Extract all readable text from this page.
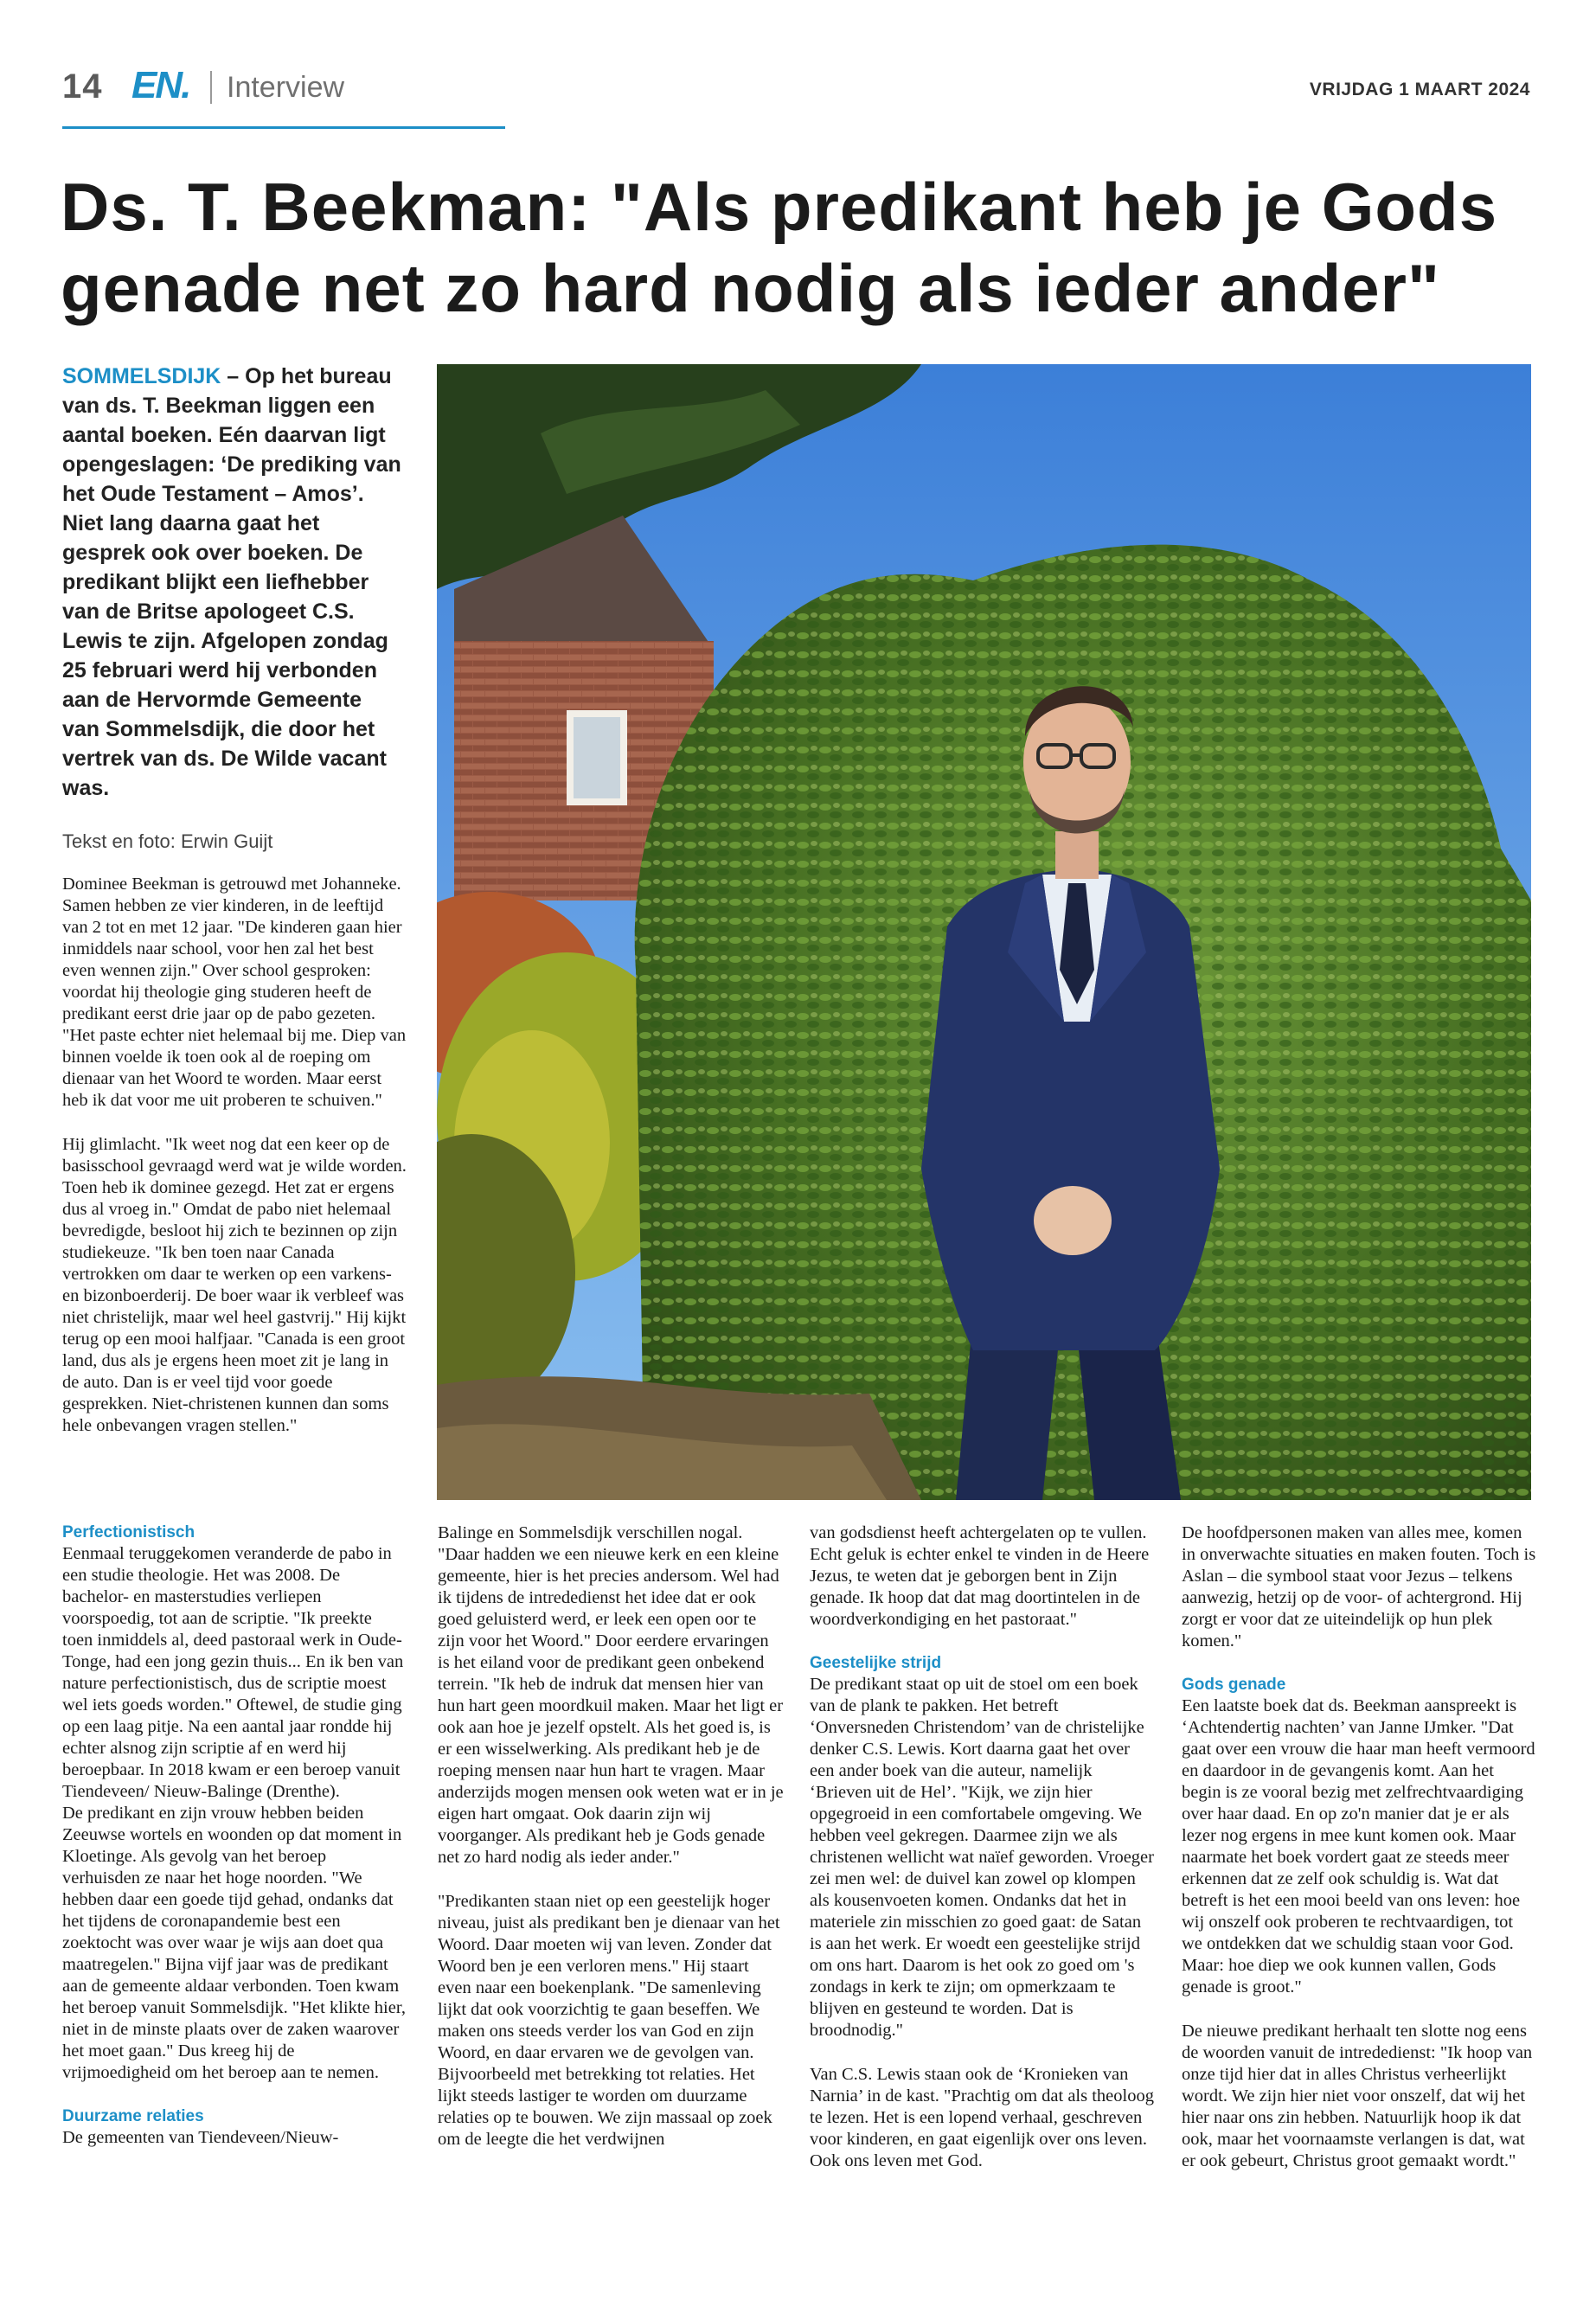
14 EN. Interview	VRIJDAG 1 MAART 2024
Ds. T. Beekman: "Als predikant heb je Gods genade net zo hard nodig als ieder ander"
SOMMELSDIJK – Op het bureau van ds. T. Beekman liggen een aantal boeken. Eén daarvan ligt opengeslagen: ‘De prediking van het Oude Testament – Amos’. Niet lang daarna gaat het gesprek ook over boeken. De predikant blijkt een liefhebber van de Britse apologeet C.S. Lewis te zijn. Afgelopen zondag 25 februari werd hij verbonden aan de Hervormde Gemeente van Sommelsdijk, die door het vertrek van ds. De Wilde vacant was.
Tekst en foto: Erwin Guijt

Dominee Beekman is getrouwd met Johanneke. Samen hebben ze vier kinderen, in de leeftijd van 2 tot en met 12 jaar. "De kinderen gaan hier inmiddels naar school, voor hen zal het best even wennen zijn." Over school gesproken: voordat hij theologie ging studeren heeft de predikant eerst drie jaar op de pabo gezeten. "Het paste echter niet helemaal bij me. Diep van binnen voelde ik toen ook al de roeping om dienaar van het Woord te worden. Maar eerst heb ik dat voor me uit proberen te schuiven."

Hij glimlacht. "Ik weet nog dat een keer op de basisschool gevraagd werd wat je wilde worden. Toen heb ik dominee gezegd. Het zat er ergens dus al vroeg in." Omdat de pabo niet helemaal bevredigde, besloot hij zich te bezinnen op zijn studiekeuze. "Ik ben toen naar Canada vertrokken om daar te werken op een varkens- en bizonboerderij. De boer waar ik verbleef was niet christelijk, maar wel heel gastvrij." Hij kijkt terug op een mooi halfjaar. "Canada is een groot land, dus als je ergens heen moet zit je lang in de auto. Dan is er veel tijd voor goede gesprekken. Niet-christenen kunnen dan soms hele onbevangen vragen stellen."

Perfectionistisch

Eenmaal teruggekomen veranderde de pabo in een studie theologie. Het was 2008. De bachelor- en masterstudies verliepen voorspoedig, tot aan de scriptie. "Ik preekte toen inmiddels al, deed pastoraal werk in Oude-Tonge, had een jong gezin thuis... En ik ben van nature perfectionistisch, dus de scriptie moest wel iets goeds worden." Oftewel, de studie ging op een laag pitje. Na een aantal jaar rondde hij echter alsnog zijn scriptie af en werd hij beroepbaar. In 2018 kwam er een beroep vanuit Tiendeveen/ Nieuw-Balinge (Drenthe).

De predikant en zijn vrouw hebben beiden Zeeuwse wortels en woonden op dat moment in Kloetinge. Als gevolg van het beroep verhuisden ze naar het hoge noorden. "We hebben daar een goede tijd gehad, ondanks dat het tijdens de coronapandemie best een zoektocht was over waar je wijs aan doet qua maatregelen." Bijna vijf jaar was de predikant aan de gemeente aldaar verbonden. Toen kwam het beroep vanuit Sommelsdijk. "Het klikte hier, niet in de minste plaats over de zaken waarover het moet gaan." Dus kreeg hij de vrijmoedigheid om het beroep aan te nemen.

Duurzame relaties

De gemeenten van Tiendeveen/Nieuw-

Balinge en Sommelsdijk verschillen nogal. "Daar hadden we een nieuwe kerk en een kleine gemeente, hier is het precies andersom. Wel had ik tijdens de intrededienst het idee dat er ook goed geluisterd werd, er leek een open oor te zijn voor het Woord." Door eerdere ervaringen is het eiland voor de predikant geen onbekend terrein. "Ik heb de indruk dat mensen hier van hun hart geen moordkuil maken. Maar het ligt er ook aan hoe je jezelf opstelt. Als het goed is, is er een wisselwerking. Als predikant heb je de roeping mensen naar hun hart te vragen. Maar anderzijds mogen mensen ook weten wat er in je eigen hart omgaat. Ook daarin zijn wij voorganger. Als predikant heb je Gods genade net zo hard nodig als ieder ander."

"Predikanten staan niet op een geestelijk hoger niveau, juist als predikant ben je dienaar van het Woord. Daar moeten wij van leven. Zonder dat Woord ben je een verloren mens." Hij staart even naar een boekenplank. "De samenleving lijkt dat ook voorzichtig te gaan beseffen. We maken ons steeds verder los van God en zijn Woord, en daar ervaren we de gevolgen van. Bijvoorbeeld met betrekking tot relaties. Het lijkt steeds lastiger te worden om duurzame relaties op te bouwen. We zijn massaal op zoek om de leegte die het verdwijnen

van godsdienst heeft achtergelaten op te vullen. Echt geluk is echter enkel te vinden in de Heere Jezus, te weten dat je geborgen bent in Zijn genade. Ik hoop dat dat mag doortintelen in de woordverkondiging en het pastoraat."

Geestelijke strijd

De predikant staat op uit de stoel om een boek van de plank te pakken. Het betreft ‘Onversneden Christendom’ van de christelijke denker C.S. Lewis. Kort daarna gaat het over een ander boek van die auteur, namelijk ‘Brieven uit de Hel’. "Kijk, we zijn hier opgegroeid in een comfortabele omgeving. We hebben veel gekregen. Daarmee zijn we als christenen wellicht wat naïef geworden. Vroeger zei men wel: de duivel kan zowel op klompen als kousenvoeten komen. Ondanks dat het in materiele zin misschien zo goed gaat: de Satan is aan het werk. Er woedt een geestelijke strijd om ons hart. Daarom is het ook zo goed om 's zondags in kerk te zijn; om opmerkzaam te blijven en gesteund te worden. Dat is broodnodig."

Van C.S. Lewis staan ook de ‘Kronieken van Narnia’ in de kast. "Prachtig om dat als theoloog te lezen. Het is een lopend verhaal, geschreven voor kinderen, en gaat eigenlijk over ons leven. Ook ons leven met God.

De hoofdpersonen maken van alles mee, komen in onverwachte situaties en maken fouten. Toch is Aslan – die symbool staat voor Jezus – telkens aanwezig, hetzij op de voor- of achtergrond. Hij zorgt er voor dat ze uiteindelijk op hun plek komen."

Gods genade

Een laatste boek dat ds. Beekman aanspreekt is ‘Achtendertig nachten’ van Janne IJmker. "Dat gaat over een vrouw die haar man heeft vermoord en daardoor in de gevangenis komt. Aan het begin is ze vooral bezig met zelfrechtvaardiging over haar daad. En op zo'n manier dat je er als lezer nog ergens in mee kunt komen ook. Maar naarmate het boek vordert gaat ze steeds meer erkennen dat ze zelf ook schuldig is. Wat dat betreft is het een mooi beeld van ons leven: hoe wij onszelf ook proberen te rechtvaardigen, tot we ontdekken dat we schuldig staan voor God. Maar: hoe diep we ook kunnen vallen, Gods genade is groot."

De nieuwe predikant herhaalt ten slotte nog eens de woorden vanuit de intrededienst: "Ik hoop van onze tijd hier dat in alles Christus verheerlijkt wordt. We zijn hier niet voor onszelf, dat wij het hier naar ons zin hebben. Natuurlijk hoop ik dat ook, maar het voornaamste verlangen is dat, wat er ook gebeurt, Christus groot gemaakt wordt."
